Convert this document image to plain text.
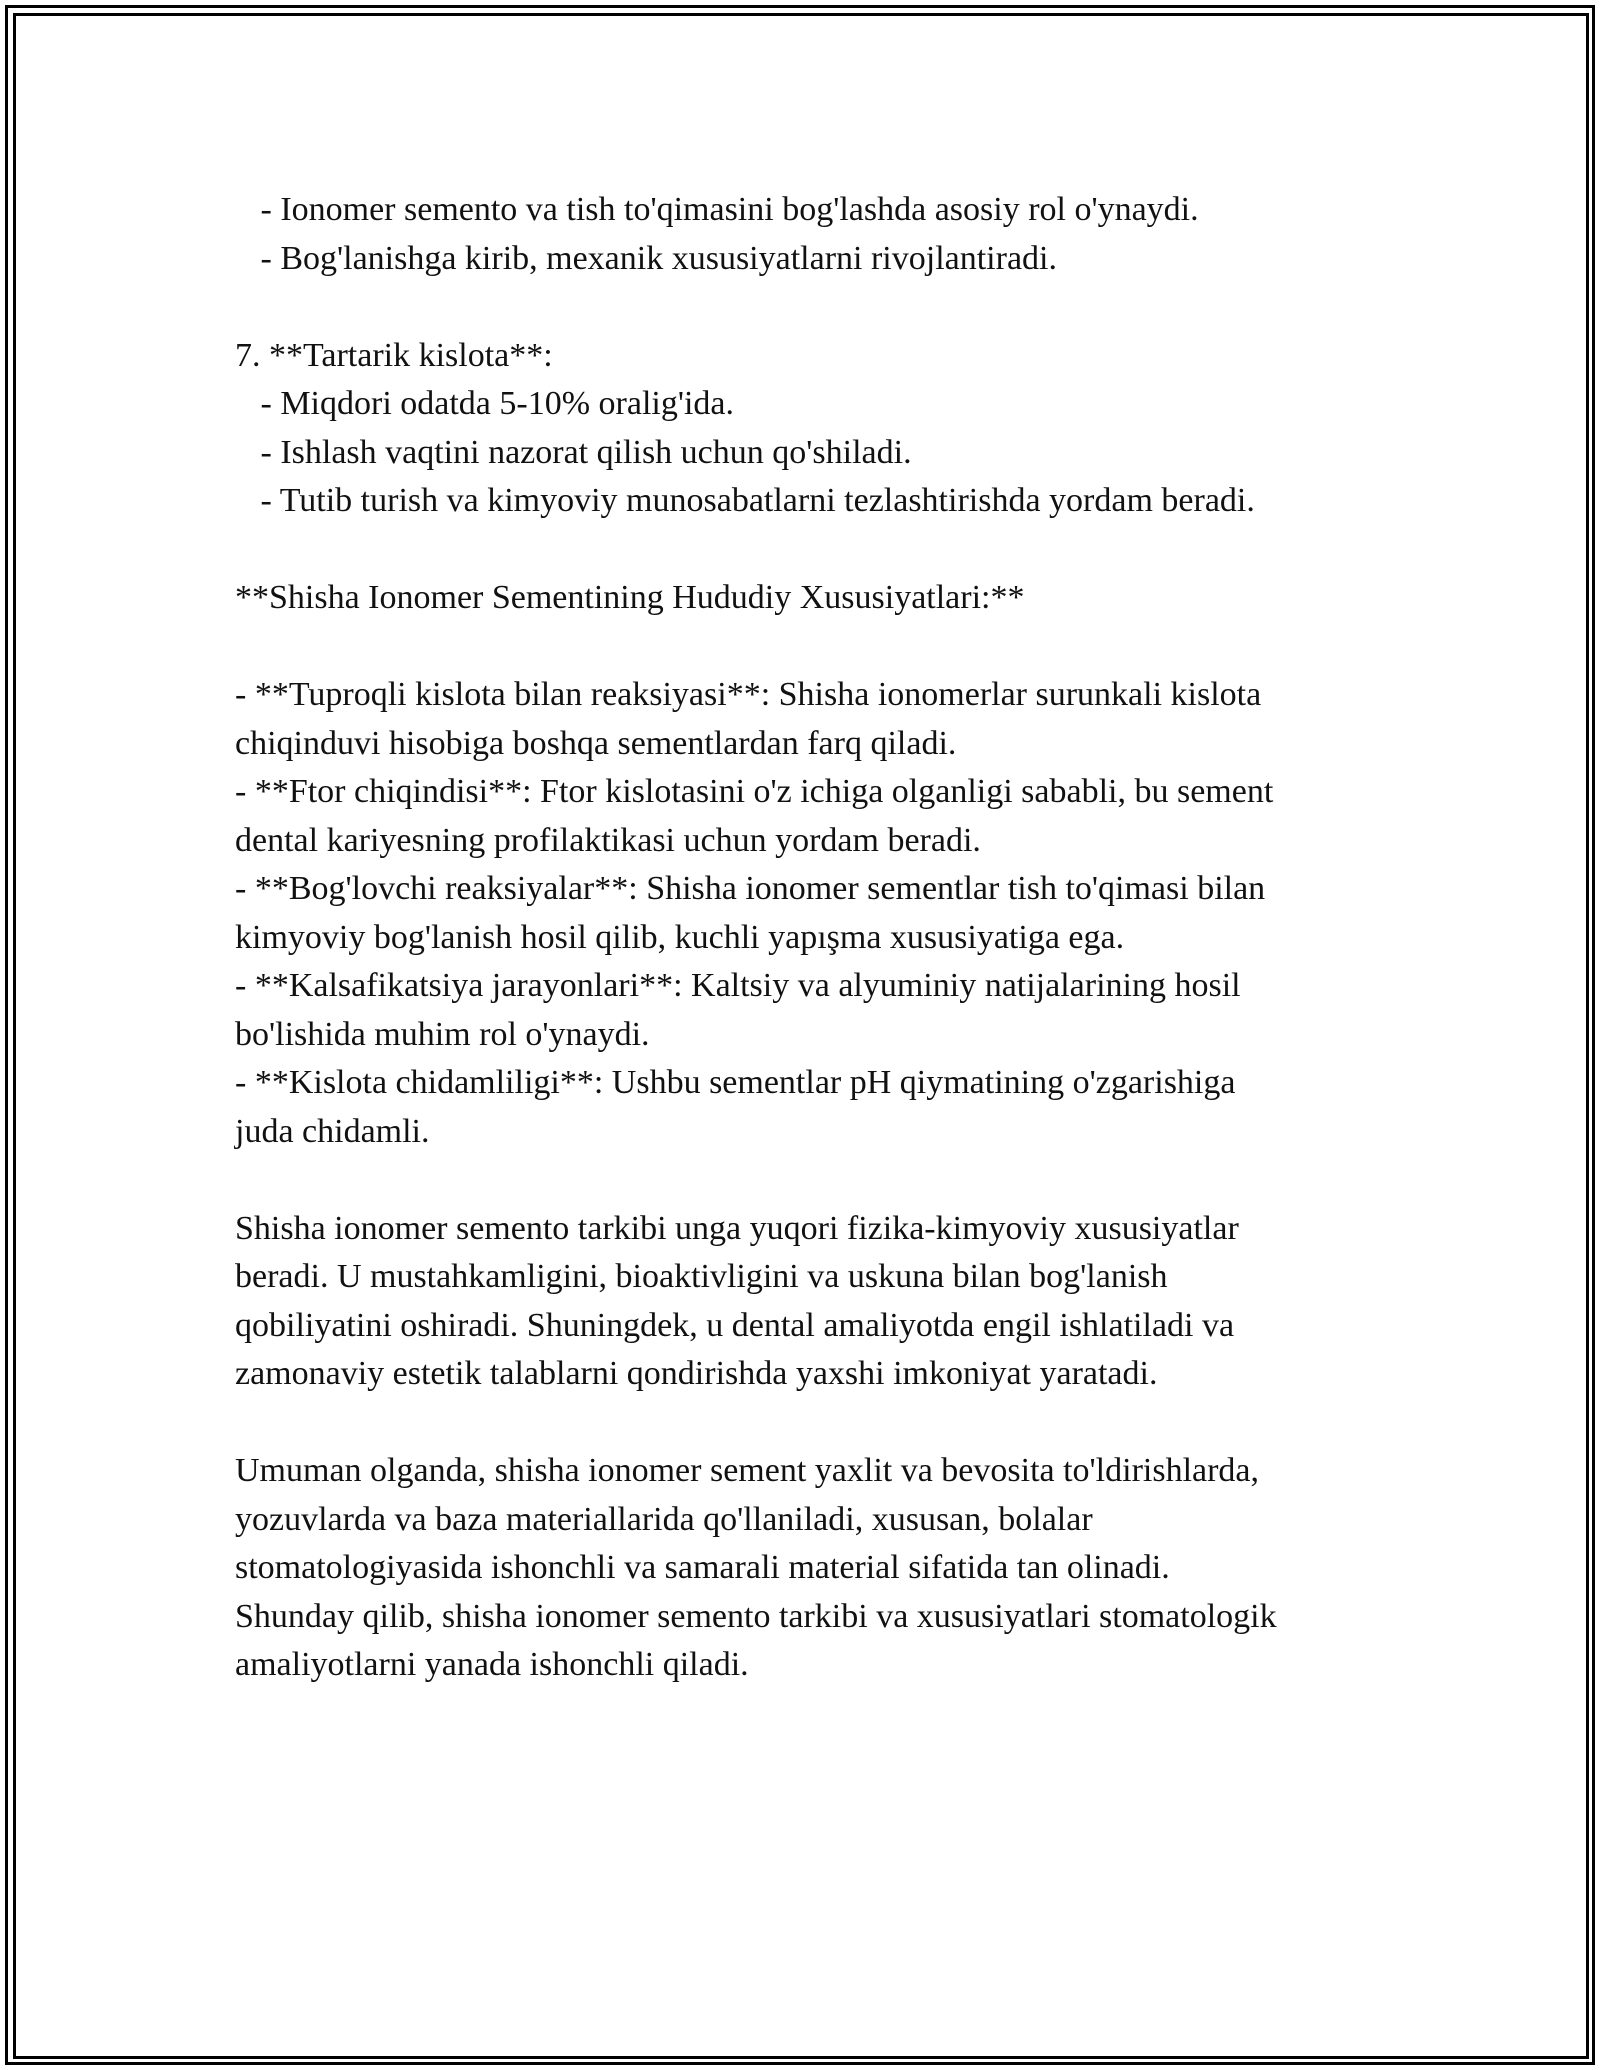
- Ionomer semento va tish to'qimasini bog'lashda asosiy rol o'ynaydi.
- Bog'lanishga kirib, mexanik xususiyatlarni rivojlantiradi.
7. **Tartarik kislota**:
- Miqdori odatda 5-10% oralig'ida.
- Ishlash vaqtini nazorat qilish uchun qo'shiladi.
- Tutib turish va kimyoviy munosabatlarni tezlashtirishda yordam beradi.
**Shisha Ionomer Sementining Hududiy Xususiyatlari:**
- **Tuproqli kislota bilan reaksiyasi**: Shisha ionomerlar surunkali kislota
chiqinduvi hisobiga boshqa sementlardan farq qiladi.
- **Ftor chiqindisi**: Ftor kislotasini o'z ichiga olganligi sababli, bu sement
dental kariyesning profilaktikasi uchun yordam beradi.
- **Bog'lovchi reaksiyalar**: Shisha ionomer sementlar tish to'qimasi bilan
kimyoviy bog'lanish hosil qilib, kuchli yapışma xususiyatiga ega.
- **Kalsafikatsiya jarayonlari**: Kaltsiy va alyuminiy natijalarining hosil
bo'lishida muhim rol o'ynaydi.
- **Kislota chidamliligi**: Ushbu sementlar pH qiymatining o'zgarishiga
juda chidamli.
Shisha ionomer semento tarkibi unga yuqori fizika-kimyoviy xususiyatlar
beradi. U mustahkamligini, bioaktivligini va uskuna bilan bog'lanish
qobiliyatini oshiradi. Shuningdek, u dental amaliyotda engil ishlatiladi va
zamonaviy estetik talablarni qondirishda yaxshi imkoniyat yaratadi.
Umuman olganda, shisha ionomer sement yaxlit va bevosita to'ldirishlarda,
yozuvlarda va baza materiallarida qo'llaniladi, xususan, bolalar
stomatologiyasida ishonchli va samarali material sifatida tan olinadi.
Shunday qilib, shisha ionomer semento tarkibi va xususiyatlari stomatologik
amaliyotlarni yanada ishonchli qiladi.
